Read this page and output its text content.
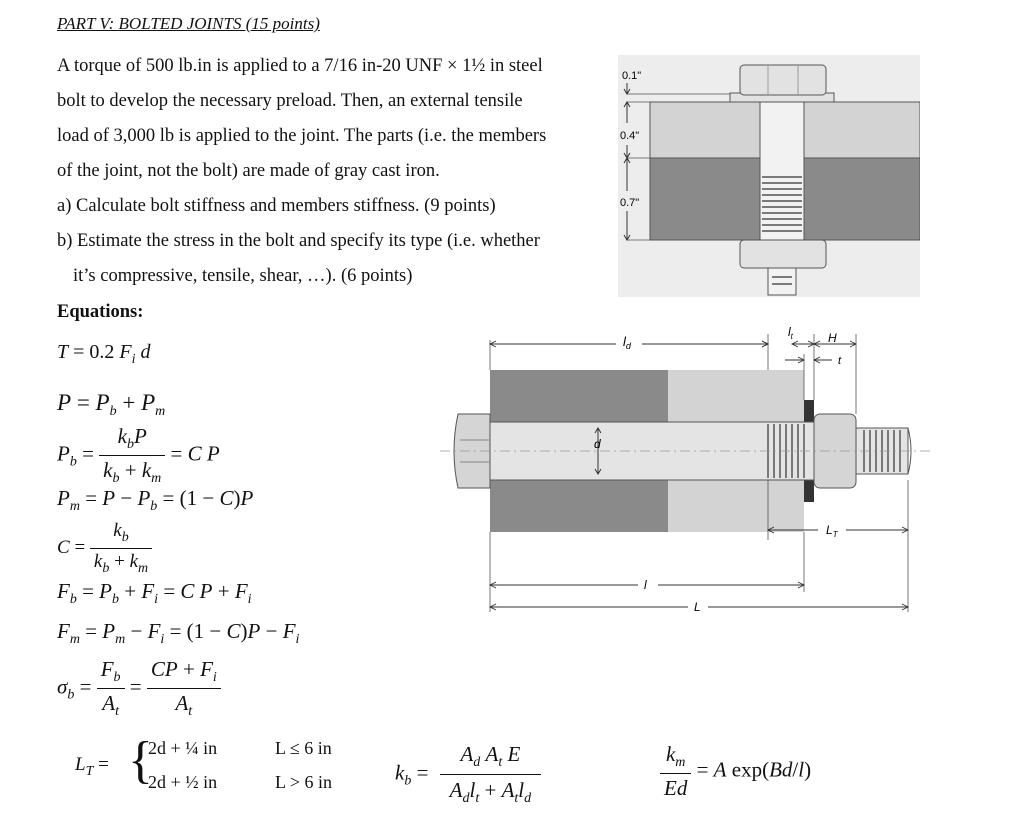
PART V: BOLTED JOINTS (15 points)
A torque of 500 lb.in is applied to a 7/16 in-20 UNF × 1½ in steel
bolt to develop the necessary preload. Then, an external tensile
load of 3,000 lb is applied to the joint. The parts (i.e. the members
of the joint, not the bolt) are made of gray cast iron.
a) Calculate bolt stiffness and members stiffness. (9 points)
b) Estimate the stress in the bolt and specify its type (i.e. whether
it’s compressive, tensile, shear, …). (6 points)
Equations:
T = 0.2 $F_i$ d
$P = P_b + P_m$
$P_b = \frac{k_bP}{k_b + k_m} = C$ P
$P_m = P - P_b = (1 - C)P$
$C = \frac{k_b}{k_b + k_m}$
$F_b = P_b + F_i = C$ $P + F_i$
$F_m = P_m - F_i = (1 - C)P - F_i$
$\sigma_b = \frac{F_b}{A_t} = \frac{CP + F_i}{A_t}$
$L_T$ = {
2d + ¼ in	L ≤ 6 in
2d + ½ in	L > 6 in	$k_b = \frac{A_d A_t E}{A_dl_t + A_tl_d}$	$\frac{k_m}{Ed} = A$ exp(Bd/l)
0.1"
0.4"
0.7"
d
$l_d$
$l_t$	H
t
$L_T$
l
L
